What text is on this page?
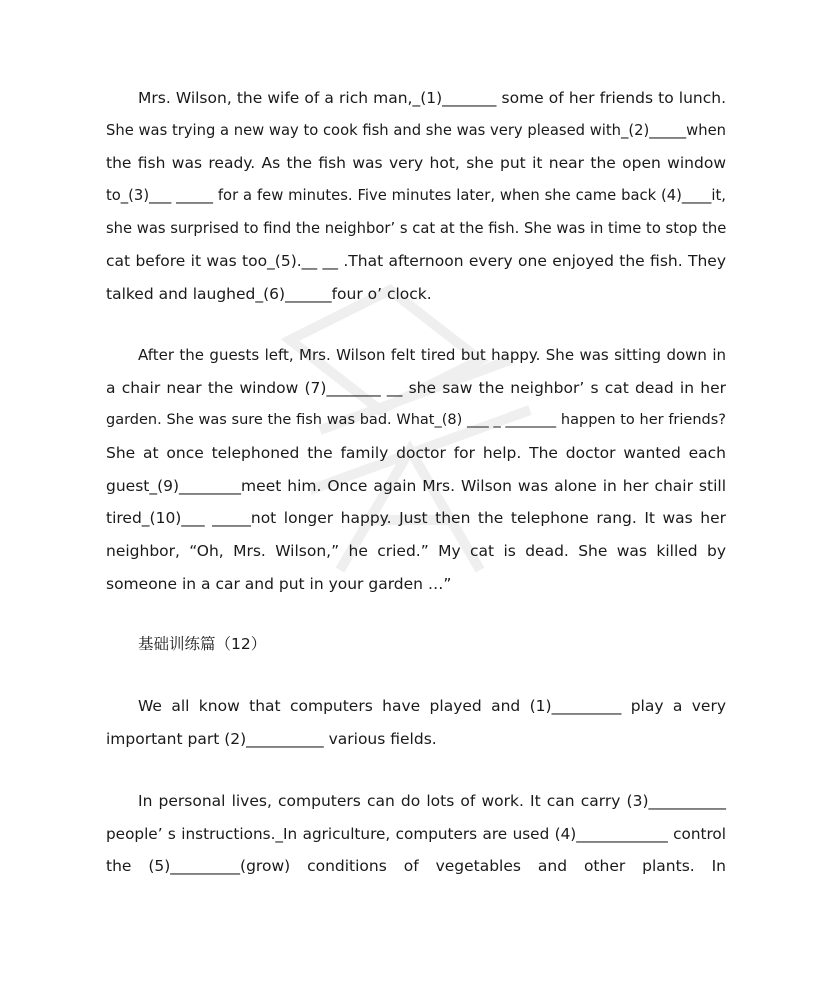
Mrs. Wilson, the wife of a rich man,_(1)_______ some of her friends to lunch.
She was trying a new way to cook fish and she was very pleased with_(2)_____when
the fish was ready. As the fish was very hot, she put it near the open window
to_(3)___ _____ for a few minutes. Five minutes later, when she came back (4)____it,
she was surprised to find the neighbor’ s cat at the fish. She was in time to stop the
cat before it was too_(5).__ __ .That afternoon every one enjoyed the fish. They
talked and laughed_(6)______four o’ clock.
After the guests left, Mrs. Wilson felt tired but happy. She was sitting down in
a chair near the window (7)_______ __ she saw the neighbor’ s cat dead in her
garden. She was sure the fish was bad. What_(8) ___ _ _______ happen to her friends?
She at once telephoned the family doctor for help. The doctor wanted each
guest_(9)________meet him. Once again Mrs. Wilson was alone in her chair still
tired_(10)___ _____not longer happy. Just then the telephone rang. It was her
neighbor, “Oh, Mrs. Wilson,” he cried.” My cat is dead. She was killed by
someone in a car and put in your garden …”
基础训练篇（12）
We all know that computers have played and (1)_________ play a very
important part (2)__________ various fields.
In personal lives, computers can do lots of work. It can carry (3)__________
people’ s instructions._In agriculture, computers are used (4)____________ control
the (5)_________(grow) conditions of vegetables and other plants. In
